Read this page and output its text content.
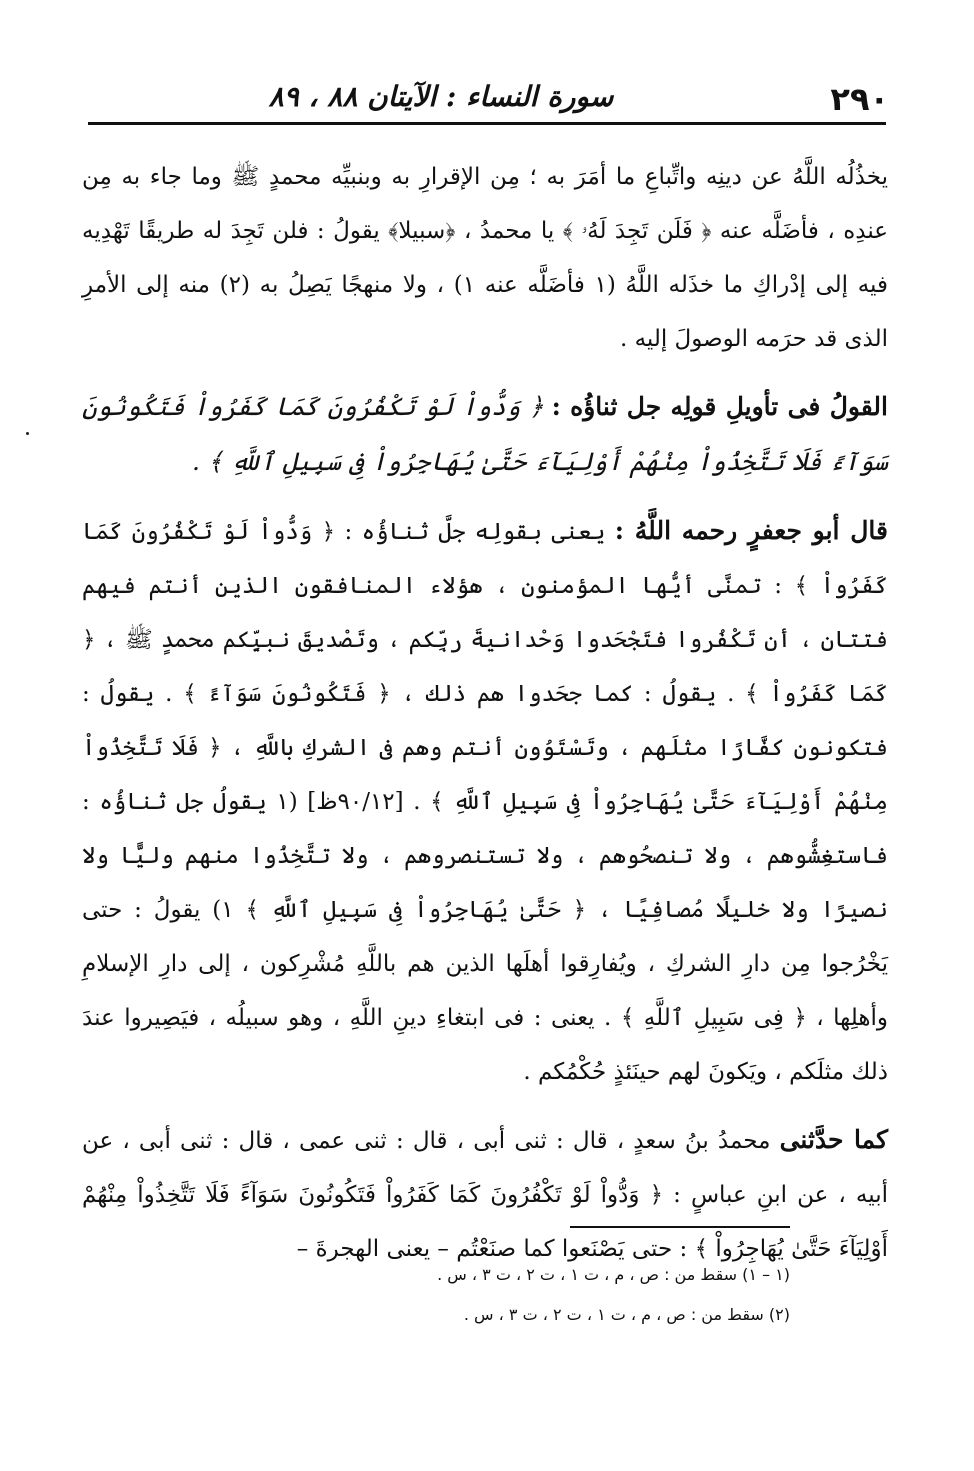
٢٩٠
سورة النساء : الآيتان ٨٨ ، ٨٩

يخذُلُه اللَّهُ عن دينِه واتِّباعِ ما أمَرَ به ؛ مِن الإقرارِ به وبنبيِّه محمدٍ ﷺ وما جاء به مِن عندِه ، فأضَلَّه عنه ﴿ فَلَن تَجِدَ لَهُۥ ﴾ يا محمدُ ، ﴿سبيلا﴾ يقولُ : فلن تَجِدَ له طريقًا تَهْدِيه فيه إلى إدْراكِ ما خذَله اللَّهُ (١ فأضَلَّه عنه ١) ، ولا منهجًا يَصِلُ به (٢) منه إلى الأمرِ الذى قد حرَمه الوصولَ إليه .

القولُ فى تأويلِ قولِه جل ثناؤُه : ﴿ وَدُّواْ لَوْ تَكْفُرُونَ كَمَا كَفَرُواْ فَتَكُونُونَ سَوَآءً فَلَا تَتَّخِذُواْ مِنْهُمْ أَوْلِيَآءَ حَتَّىٰ يُهَاجِرُواْ فِى سَبِيلِ ٱللَّهِ ﴾ .

قال أبو جعفرٍ رحمه اللَّهُ : يعنى بقولِه جلَّ ثناؤُه : ﴿ وَدُّواْ لَوْ تَكْفُرُونَ كَمَا كَفَرُواْ ﴾ : تمنَّى أيُّها المؤمنون ، هؤلاء المنافقون الذين أنتم فيهم فتتان ، أن تَكْفُروا فتَجْحَدوا وَحْدانيةَ ربِّكم ، وتَصْديقَ نبيِّكم محمدٍ ﷺ ، ﴿ كَمَا كَفَرُواْ ﴾ . يقولُ : كما جحَدوا هم ذلك ، ﴿ فَتَكُونُونَ سَوَآءً ﴾ . يقولُ : فتكونون كفَّارًا مثلَهم ، وتَسْتَوُون أنتم وهم فى الشركِ باللَّهِ ، ﴿ فَلَا تَتَّخِذُواْ مِنْهُمْ أَوْلِيَآءَ حَتَّىٰ يُهَاجِرُواْ فِى سَبِيلِ ٱللَّهِ ﴾ . [٩٠/١٢ظ] (١ يقولُ جل ثناؤُه : فاستغِشُّوهم ، ولا تنصحُوهم ، ولا تستنصروهم ، ولا تتَّخِذُوا منهم وليًّا ولا نصيرًا ولا خليلًا مُصافِيًا ، ﴿ حَتَّىٰ يُهَاجِرُواْ فِى سَبِيلِ ٱللَّهِ ﴾ ١) يقولُ : حتى يَخْرُجوا مِن دارِ الشركِ ، ويُفارِقوا أهلَها الذين هم باللَّهِ مُشْرِكون ، إلى دارِ الإسلامِ وأهلِها ، ﴿ فِى سَبِيلِ ٱللَّهِ ﴾ . يعنى : فى ابتغاءِ دينِ اللَّهِ ، وهو سبيلُه ، فيَصِيروا عندَ ذلك مثلَكم ، ويَكونَ لهم حينَئذٍ حُكْمُكم .

كما حدَّثنى محمدُ بنُ سعدٍ ، قال : ثنى أبى ، قال : ثنى عمى ، قال : ثنى أبى ، عن أبيه ، عن ابنِ عباسٍ : ﴿ وَدُّواْ لَوْ تَكْفُرُونَ كَمَا كَفَرُواْ فَتَكُونُونَ سَوَآءً فَلَا تَتَّخِذُواْ مِنْهُمْ أَوْلِيَآءَ حَتَّىٰ يُهَاجِرُواْ ﴾ : حتى يَصْنَعوا كما صنَعْتُم – يعنى الهجرةَ –

(١ – ١) سقط من : ص ، م ، ت ١ ، ت ٢ ، ت ٣ ، س .

(٢) سقط من : ص ، م ، ت ١ ، ت ٢ ، ت ٣ ، س .
